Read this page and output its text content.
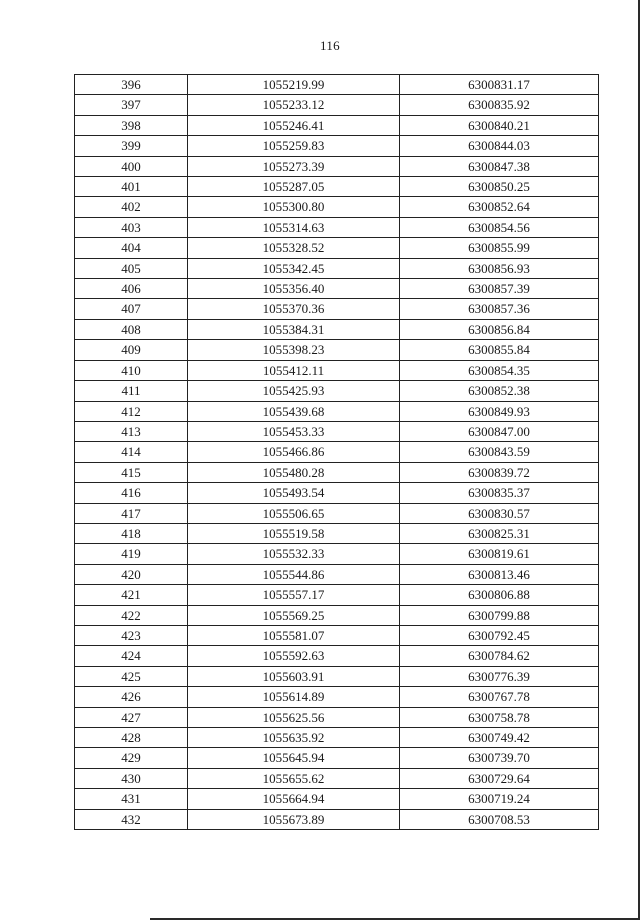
116
396	1055219.99	6300831.17
397	1055233.12	6300835.92
398	1055246.41	6300840.21
399	1055259.83	6300844.03
400	1055273.39	6300847.38
401	1055287.05	6300850.25
402	1055300.80	6300852.64
403	1055314.63	6300854.56
404	1055328.52	6300855.99
405	1055342.45	6300856.93
406	1055356.40	6300857.39
407	1055370.36	6300857.36
408	1055384.31	6300856.84
409	1055398.23	6300855.84
410	1055412.11	6300854.35
411	1055425.93	6300852.38
412	1055439.68	6300849.93
413	1055453.33	6300847.00
414	1055466.86	6300843.59
415	1055480.28	6300839.72
416	1055493.54	6300835.37
417	1055506.65	6300830.57
418	1055519.58	6300825.31
419	1055532.33	6300819.61
420	1055544.86	6300813.46
421	1055557.17	6300806.88
422	1055569.25	6300799.88
423	1055581.07	6300792.45
424	1055592.63	6300784.62
425	1055603.91	6300776.39
426	1055614.89	6300767.78
427	1055625.56	6300758.78
428	1055635.92	6300749.42
429	1055645.94	6300739.70
430	1055655.62	6300729.64
431	1055664.94	6300719.24
432	1055673.89	6300708.53
